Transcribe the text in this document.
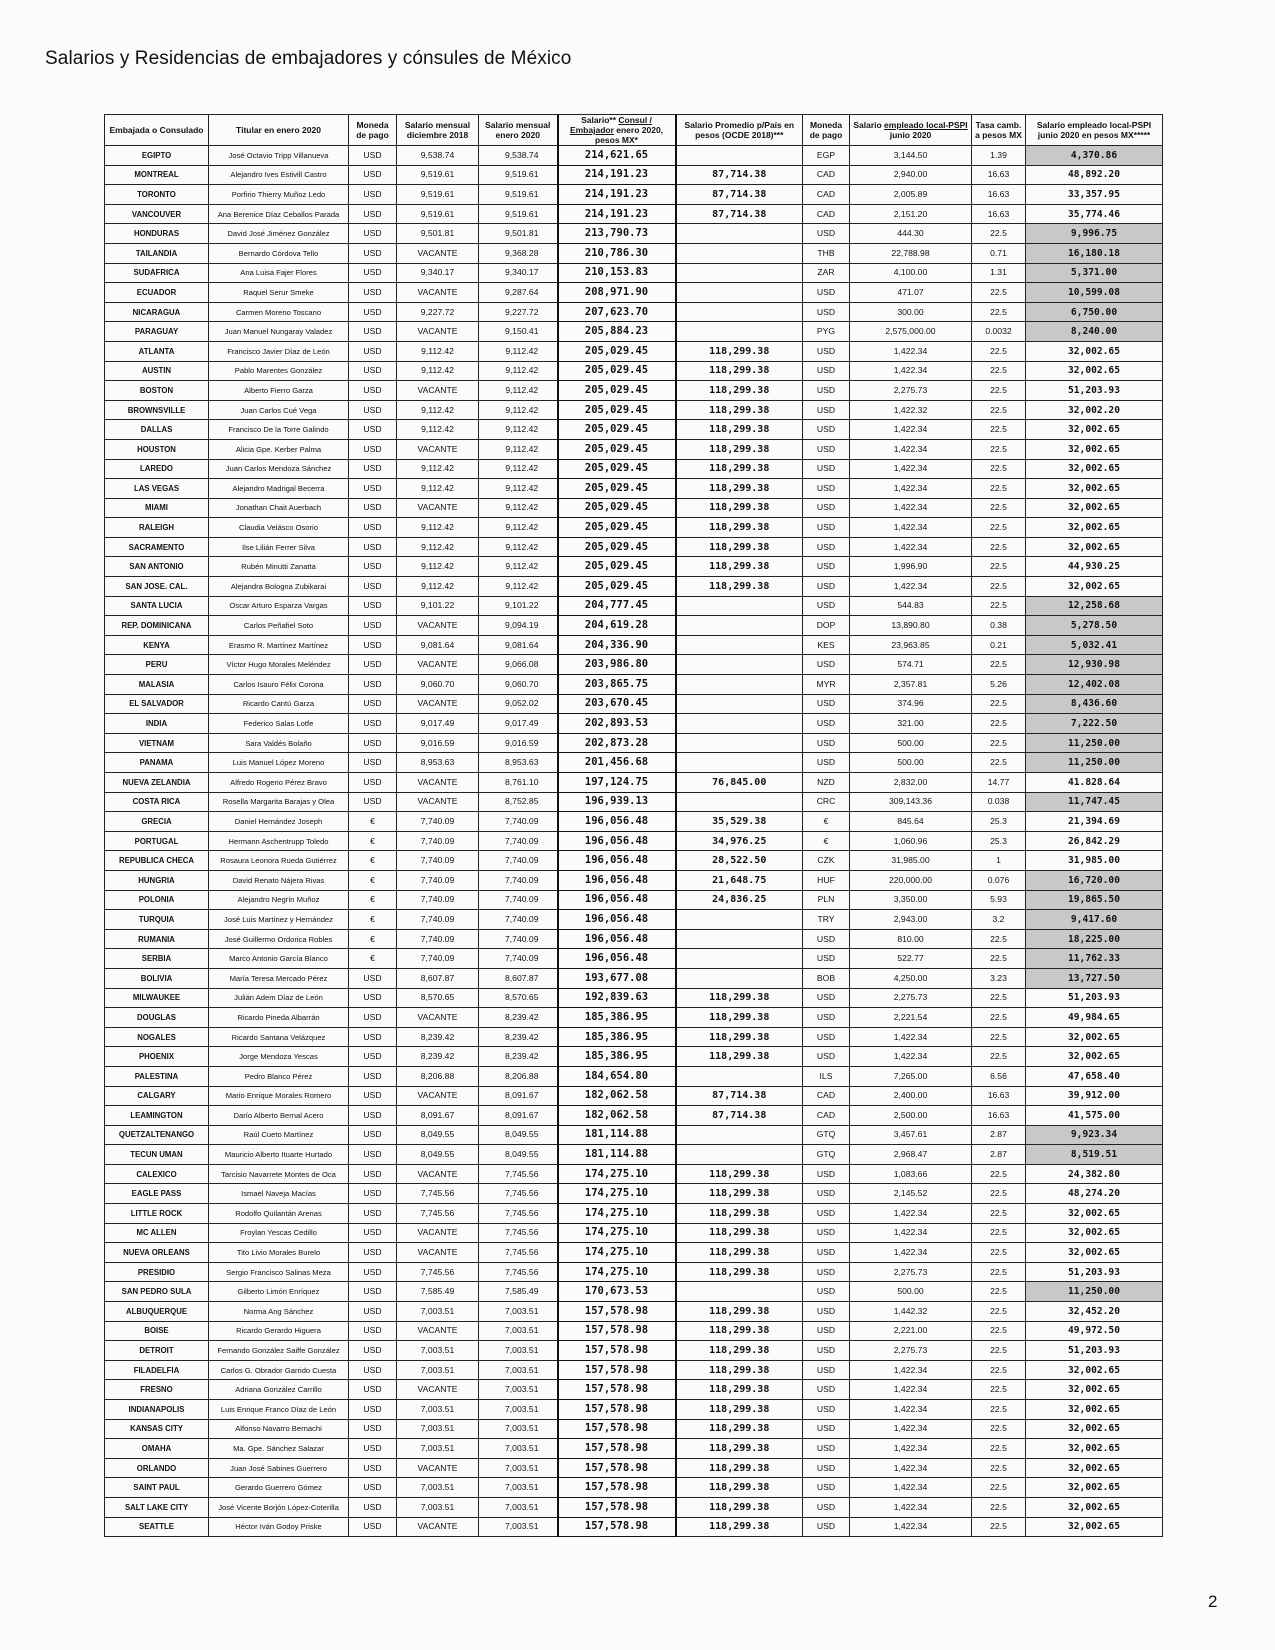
Salarios y Residencias de embajadores y cónsules de México
Embajada o Consulado	Titular en enero 2020	Moneda de pago	Salario mensual diciembre 2018	Salario mensual enero 2020	Salario** Consul / Embajador enero 2020, pesos MX*	Salario Promedio p/País en pesos (OCDE 2018)***	Moneda de pago	Salario empleado local-PSPI junio 2020	Tasa camb. a pesos MX	Salario empleado local-PSPI junio 2020 en pesos MX*****
EGIPTO	José Octavio Tripp Villanueva	USD	9,538.74	9,538.74	214,621.65		EGP	3,144.50	1.39	4,370.86
MONTREAL	Alejandro Ives Estivill Castro	USD	9,519.61	9,519.61	214,191.23	87,714.38	CAD	2,940.00	16.63	48,892.20
TORONTO	Porfirio Thierry Muñoz Ledo	USD	9,519.61	9,519.61	214,191.23	87,714.38	CAD	2,005.89	16.63	33,357.95
VANCOUVER	Ana Berenice Díaz Ceballos Parada	USD	9,519.61	9,519.61	214,191.23	87,714.38	CAD	2,151.20	16.63	35,774.46
HONDURAS	David José Jiménez González	USD	9,501.81	9,501.81	213,790.73		USD	444.30	22.5	9,996.75
TAILANDIA	Bernardo Córdova Tello	USD	VACANTE	9,368.28	210,786.30		THB	22,788.98	0.71	16,180.18
SUDAFRICA	Ana Luisa Fajer Flores	USD	9,340.17	9,340.17	210,153.83		ZAR	4,100.00	1.31	5,371.00
ECUADOR	Raquel Serur Smeke	USD	VACANTE	9,287.64	208,971.90		USD	471.07	22.5	10,599.08
NICARAGUA	Carmen Moreno Toscano	USD	9,227.72	9,227.72	207,623.70		USD	300.00	22.5	6,750.00
PARAGUAY	Juan Manuel Nungaray Valadez	USD	VACANTE	9,150.41	205,884.23		PYG	2,575,000.00	0.0032	8,240.00
ATLANTA	Francisco Javier Díaz de León	USD	9,112.42	9,112.42	205,029.45	118,299.38	USD	1,422.34	22.5	32,002.65
AUSTIN	Pablo Marentes González	USD	9,112.42	9,112.42	205,029.45	118,299.38	USD	1,422.34	22.5	32,002.65
BOSTON	Alberto Fierro Garza	USD	VACANTE	9,112.42	205,029.45	118,299.38	USD	2,275.73	22.5	51,203.93
BROWNSVILLE	Juan Carlos Cué Vega	USD	9,112.42	9,112.42	205,029.45	118,299.38	USD	1,422.32	22.5	32,002.20
DALLAS	Francisco De la Torre Galindo	USD	9,112.42	9,112.42	205,029.45	118,299.38	USD	1,422.34	22.5	32,002.65
HOUSTON	Alicia Gpe. Kerber Palma	USD	VACANTE	9,112.42	205,029.45	118,299.38	USD	1,422.34	22.5	32,002.65
LAREDO	Juan Carlos Mendoza Sánchez	USD	9,112.42	9,112.42	205,029.45	118,299.38	USD	1,422.34	22.5	32,002.65
LAS VEGAS	Alejandro Madrigal Becerra	USD	9,112.42	9,112.42	205,029.45	118,299.38	USD	1,422.34	22.5	32,002.65
MIAMI	Jonathan Chait Auerbach	USD	VACANTE	9,112.42	205,029.45	118,299.38	USD	1,422.34	22.5	32,002.65
RALEIGH	Claudia Velásco Osorio	USD	9,112.42	9,112.42	205,029.45	118,299.38	USD	1,422.34	22.5	32,002.65
SACRAMENTO	Ilse Lilián Ferrer Silva	USD	9,112.42	9,112.42	205,029.45	118,299.38	USD	1,422.34	22.5	32,002.65
SAN ANTONIO	Rubén Minutti Zanatta	USD	9,112.42	9,112.42	205,029.45	118,299.38	USD	1,996.90	22.5	44,930.25
SAN JOSE. CAL.	Alejandra Bologna Zubikarai	USD	9,112.42	9,112.42	205,029.45	118,299.38	USD	1,422.34	22.5	32,002.65
SANTA LUCIA	Oscar Arturo Esparza Vargas	USD	9,101.22	9,101.22	204,777.45		USD	544.83	22.5	12,258.68
REP. DOMINICANA	Carlos Peñafiel Soto	USD	VACANTE	9,094.19	204,619.28		DOP	13,890.80	0.38	5,278.50
KENYA	Erasmo R. Martínez Martínez	USD	9,081.64	9,081.64	204,336.90		KES	23,963.85	0.21	5,032.41
PERU	Víctor Hugo Morales Meléndez	USD	VACANTE	9,066.08	203,986.80		USD	574.71	22.5	12,930.98
MALASIA	Carlos Isauro Félix Corona	USD	9,060.70	9,060.70	203,865.75		MYR	2,357.81	5.26	12,402.08
EL SALVADOR	Ricardo Cantú Garza	USD	VACANTE	9,052.02	203,670.45		USD	374.96	22.5	8,436.60
INDIA	Federico Salas Lotfe	USD	9,017.49	9,017.49	202,893.53		USD	321.00	22.5	7,222.50
VIETNAM	Sara Valdés Bolaño	USD	9,016.59	9,016.59	202,873.28		USD	500.00	22.5	11,250.00
PANAMA	Luis Manuel López Moreno	USD	8,953.63	8,953.63	201,456.68		USD	500.00	22.5	11,250.00
NUEVA ZELANDIA	Alfredo Rogerio Pérez Bravo	USD	VACANTE	8,761.10	197,124.75	76,845.00	NZD	2,832.00	14.77	41.828.64
COSTA RICA	Rosella Margarita Barajas y Olea	USD	VACANTE	8,752.85	196,939.13		CRC	309,143.36	0.038	11,747.45
GRECIA	Daniel Hernández Joseph	€	7,740.09	7,740.09	196,056.48	35,529.38	€	845.64	25.3	21,394.69
PORTUGAL	Hermann Aschentrupp Toledo	€	7,740.09	7,740.09	196,056.48	34,976.25	€	1,060.96	25.3	26,842.29
REPUBLICA CHECA	Rosaura Leonora Rueda Gutiérrez	€	7,740.09	7,740.09	196,056.48	28,522.50	CZK	31,985.00	1	31,985.00
HUNGRIA	David Renato Nájera Rivas	€	7,740.09	7,740.09	196,056.48	21,648.75	HUF	220,000.00	0.076	16,720.00
POLONIA	Alejandro Negrín Muñoz	€	7,740.09	7,740.09	196,056.48	24,836.25	PLN	3,350.00	5.93	19,865.50
TURQUIA	José Luis Martínez y Hernández	€	7,740.09	7,740.09	196,056.48		TRY	2,943.00	3.2	9,417.60
RUMANIA	José Guillermo Ordorica Robles	€	7,740.09	7,740.09	196,056.48		USD	810.00	22.5	18,225.00
SERBIA	Marco Antonio García Blanco	€	7,740.09	7,740.09	196,056.48		USD	522.77	22.5	11,762.33
BOLIVIA	María Teresa Mercado Pérez	USD	8,607.87	8,607.87	193,677.08		BOB	4,250.00	3.23	13,727.50
MILWAUKEE	Julián Adem Díaz de León	USD	8,570.65	8,570.65	192,839.63	118,299.38	USD	2,275.73	22.5	51,203.93
DOUGLAS	Ricardo Pineda Albarrán	USD	VACANTE	8,239.42	185,386.95	118,299.38	USD	2,221.54	22.5	49,984.65
NOGALES	Ricardo Santana Velázquez	USD	8,239.42	8,239.42	185,386.95	118,299.38	USD	1,422.34	22.5	32,002.65
PHOENIX	Jorge Mendoza Yescas	USD	8,239.42	8,239.42	185,386.95	118,299.38	USD	1,422.34	22.5	32,002.65
PALESTINA	Pedro Blanco Pérez	USD	8,206.88	8,206.88	184,654.80		ILS	7,265.00	6.56	47,658.40
CALGARY	Mario Enrique Morales Romero	USD	VACANTE	8,091.67	182,062.58	87,714.38	CAD	2,400.00	16.63	39,912.00
LEAMINGTON	Darío Alberto Bernal Acero	USD	8,091.67	8,091.67	182,062.58	87,714.38	CAD	2,500.00	16.63	41,575.00
QUETZALTENANGO	Raúl Cueto Martínez	USD	8,049.55	8,049.55	181,114.88		GTQ	3,457.61	2.87	9,923.34
TECUN UMAN	Mauricio Alberto Ituarte Hurtado	USD	8,049.55	8,049.55	181,114.88		GTQ	2,968.47	2.87	8,519.51
CALEXICO	Tarcisio Navarrete Montes de Oca	USD	VACANTE	7,745.56	174,275.10	118,299.38	USD	1,083.66	22.5	24,382.80
EAGLE PASS	Ismael Naveja Macías	USD	7,745.56	7,745.56	174,275.10	118,299.38	USD	2,145.52	22.5	48,274.20
LITTLE ROCK	Rodolfo Quilantán Arenas	USD	7,745.56	7,745.56	174,275.10	118,299.38	USD	1,422.34	22.5	32,002.65
MC ALLEN	Froylan Yescas Cedillo	USD	VACANTE	7,745.56	174,275.10	118,299.38	USD	1,422.34	22.5	32,002.65
NUEVA ORLEANS	Tito Livio Morales Burelo	USD	VACANTE	7,745.56	174,275.10	118,299.38	USD	1,422.34	22.5	32,002.65
PRESIDIO	Sergio Francisco Salinas Meza	USD	7,745.56	7,745.56	174,275.10	118,299.38	USD	2,275.73	22.5	51,203.93
SAN PEDRO SULA	Gilberto Limón Enríquez	USD	7,585.49	7,585.49	170,673.53		USD	500.00	22.5	11,250.00
ALBUQUERQUE	Norma Ang Sánchez	USD	7,003.51	7,003.51	157,578.98	118,299.38	USD	1,442.32	22.5	32,452.20
BOISE	Ricardo Gerardo Higuera	USD	VACANTE	7,003.51	157,578.98	118,299.38	USD	2,221.00	22.5	49,972.50
DETROIT	Fernando González Saiffe González	USD	7,003.51	7,003.51	157,578.98	118,299.38	USD	2,275.73	22.5	51,203.93
FILADELFIA	Carlos G. Obrador Garrido Cuesta	USD	7,003.51	7,003.51	157,578.98	118,299.38	USD	1,422.34	22.5	32,002.65
FRESNO	Adriana González Carrillo	USD	VACANTE	7,003.51	157,578.98	118,299.38	USD	1,422.34	22.5	32,002.65
INDIANAPOLIS	Luis Enrique Franco Díaz de León	USD	7,003.51	7,003.51	157,578.98	118,299.38	USD	1,422.34	22.5	32,002.65
KANSAS CITY	Alfonso Navarro Bernachi	USD	7,003.51	7,003.51	157,578.98	118,299.38	USD	1,422.34	22.5	32,002.65
OMAHA	Ma. Gpe. Sánchez Salazar	USD	7,003.51	7,003.51	157,578.98	118,299.38	USD	1,422.34	22.5	32,002.65
ORLANDO	Juan José Sabines Guerrero	USD	VACANTE	7,003.51	157,578.98	118,299.38	USD	1,422.34	22.5	32,002.65
SAINT PAUL	Gerardo Guerrero Gómez	USD	7,003.51	7,003.51	157,578.98	118,299.38	USD	1,422.34	22.5	32,002.65
SALT LAKE CITY	José Vicente Borjón López-Coterilla	USD	7,003.51	7,003.51	157,578.98	118,299.38	USD	1,422.34	22.5	32,002.65
SEATTLE	Héctor Iván Godoy Priske	USD	VACANTE	7,003.51	157,578.98	118,299.38	USD	1,422.34	22.5	32,002.65
2
